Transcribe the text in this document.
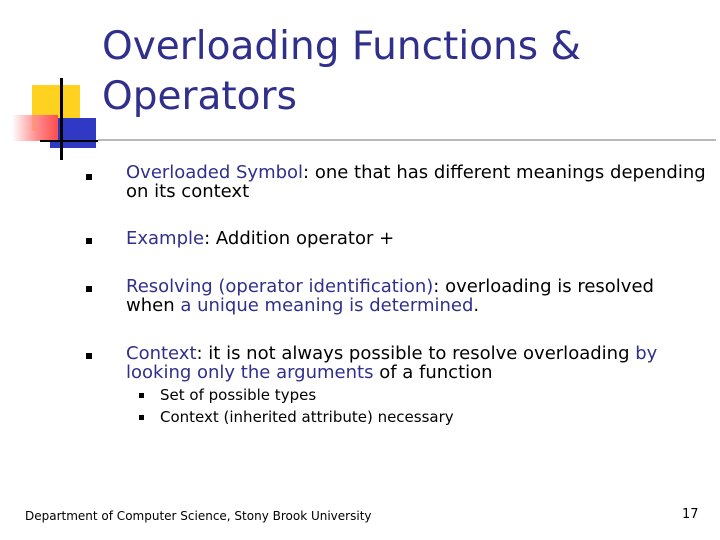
Overloading Functions & Operators
Overloaded Symbol: one that has different meanings depending on its context
Example: Addition operator +
Resolving (operator identification): overloading is resolved when a unique meaning is determined.
Context: it is not always possible to resolve overloading by looking only the arguments of a function
Set of possible types
Context (inherited attribute) necessary
Department of Computer Science, Stony Brook University	17
